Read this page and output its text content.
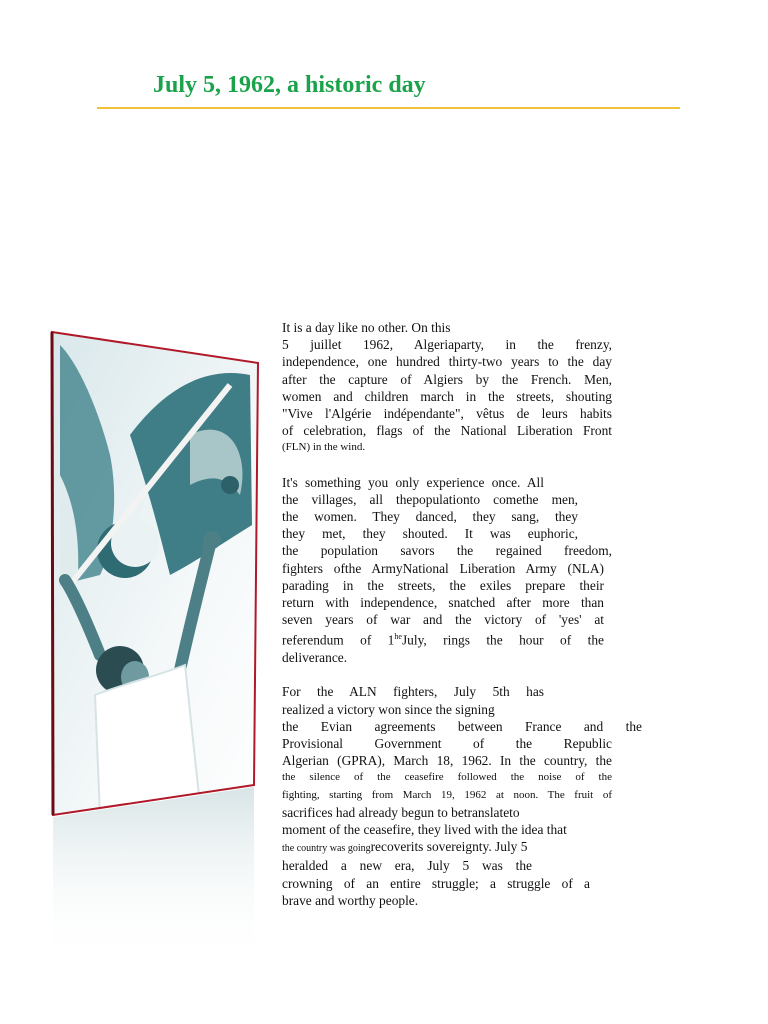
July 5, 1962, a historic day

It is a day like no other. On this
5 juillet 1962, Algeriaparty, in the frenzy,
independence, one hundred thirty-two years to the day
after the capture of Algiers by the French. Men,
women and children march in the streets, shouting
"Vive l'Algérie indépendante", vêtus de leurs habits
of celebration, flags of the National Liberation Front
(FLN) in the wind.

It's something you only experience once. All
the villages, all thepopulationto comethe men,
the women. They danced, they sang, they
they met, they shouted. It was euphoric,
the population savors the regained freedom,
fighters ofthe ArmyNational Liberation Army (NLA)
parading in the streets, the exiles prepare their
return with independence, snatched after more than
seven years of war and the victory of 'yes' at
referendum of $1^{he}July$, rings the hour of the
deliverance.

For the ALN fighters, July 5th has
realized a victory won since the signing
the Evian agreements between France and the
Provisional Government of the Republic
Algerian (GPRA), March 18, 1962. In the country, the
the silence of the ceasefire followed the noise of the
fighting, starting from March 19, 1962 at noon. The fruit of
sacrifices had already begun to betranslateto
moment of the ceasefire, they lived with the idea that
the country was goingrecoverits sovereignty. July 5
heralded a new era, July 5 was the
crowning of an entire struggle; a struggle of a
brave and worthy people.
